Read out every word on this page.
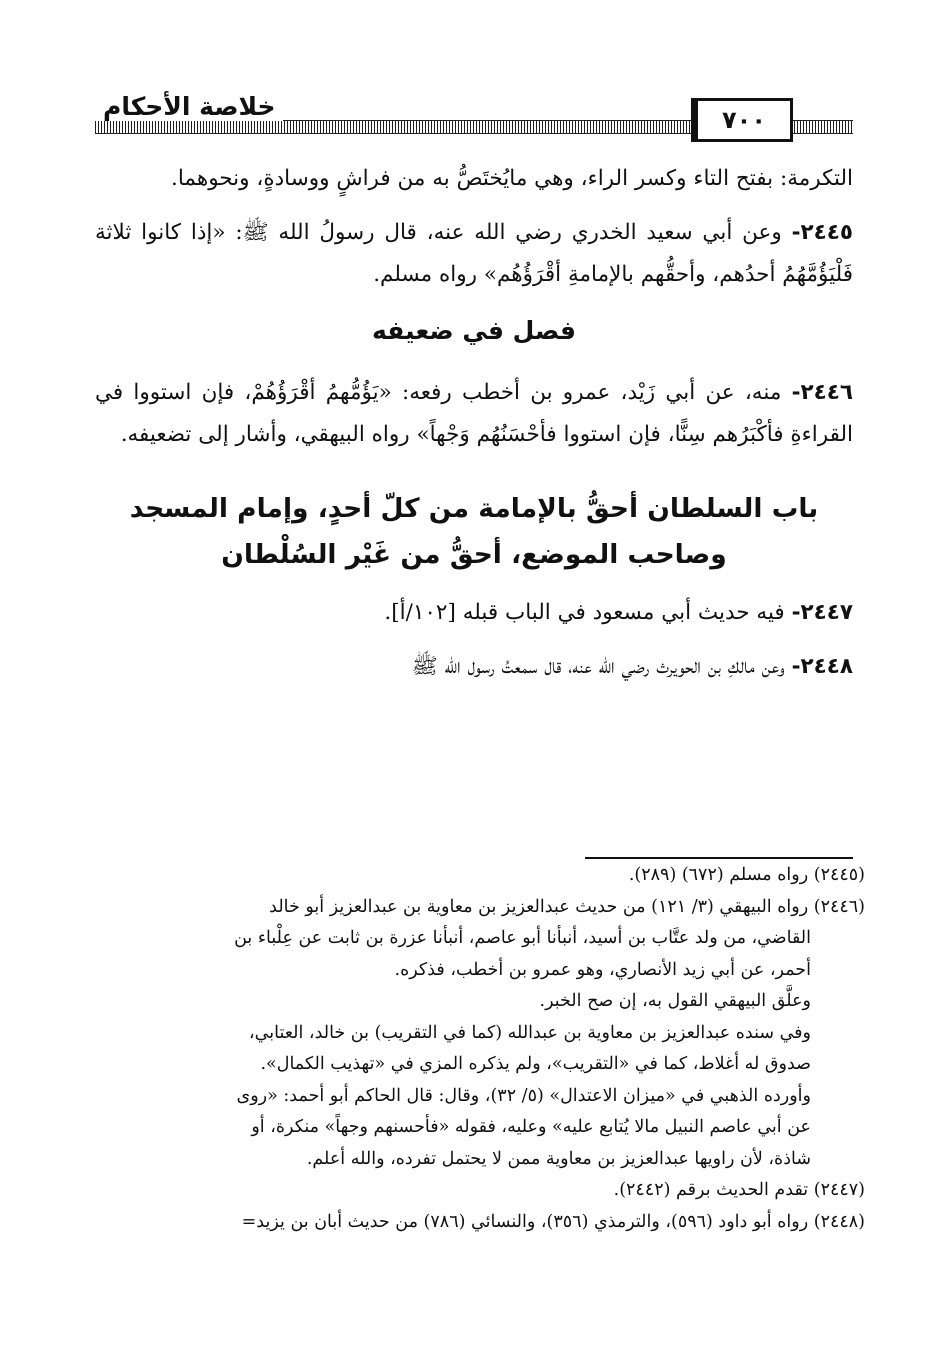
٧٠٠
خلاصة الأحكام

التكرمة: بفتح التاء وكسر الراء، وهي مايُختَصُّ به من فراشٍ ووسادةٍ، ونحوهما.

٢٤٤٥- وعن أبي سعيد الخدري رضي الله عنه، قال رسولُ الله ﷺ: «إذا كانوا ثلاثة فَلْيَؤُمَّهُمُ أحدُهم، وأحقُّهم بالإمامةِ أقْرَؤُهُم» رواه مسلم.

فصل في ضعيفه

٢٤٤٦- منه، عن أبي زَيْد، عمرو بن أخطب رفعه: «يَؤُمُّهمُ أقْرَؤُهُمْ، فإن استووا في القراءةِ فأكْبَرُهم سِنًّا، فإن استووا فأحْسَنُهُم وَجْهاً» رواه البيهقي، وأشار إلى تضعيفه.

باب السلطان أحقُّ بالإمامة من كلّ أحدٍ، وإمام المسجد
وصاحب الموضع، أحقُّ من غَيْر السُلْطان

٢٤٤٧- فيه حديث أبي مسعود في الباب قبله [١٠٢/أ].

٢٤٤٨- وعن مالكِ بن الحويرث رضي الله عنه، قال سمعتُ رسول الله ﷺ

(٢٤٤٥) رواه مسلم (٦٧٢) (٢٨٩).

(٢٤٤٦) رواه البيهقي (٣/ ١٢١) من حديث عبدالعزيز بن معاوية بن عبدالعزيز أبو خالد

القاضي، من ولد عتَّاب بن أسيد، أنبأنا أبو عاصم، أنبأنا عزرة بن ثابت عن عِلْباء بن

أحمر، عن أبي زيد الأنصاري، وهو عمرو بن أخطب، فذكره.

وعلَّق البيهقي القول به، إن صح الخبر.

وفي سنده عبدالعزيز بن معاوية بن عبدالله (كما في التقريب) بن خالد، العتابي،

صدوق له أغلاط، كما في «التقريب»، ولم يذكره المزي في «تهذيب الكمال».

وأورده الذهبي في «ميزان الاعتدال» (٥/ ٣٢)، وقال: قال الحاكم أبو أحمد: «روى

عن أبي عاصم النبيل مالا يُتابع عليه» وعليه، فقوله «فأحسنهم وجهاً» منكرة، أو

شاذة، لأن راويها عبدالعزيز بن معاوية ممن لا يحتمل تفرده، والله أعلم.

(٢٤٤٧) تقدم الحديث برقم (٢٤٤٢).

(٢٤٤٨) رواه أبو داود (٥٩٦)، والترمذي (٣٥٦)، والنسائي (٧٨٦) من حديث أبان بن يزيد=
